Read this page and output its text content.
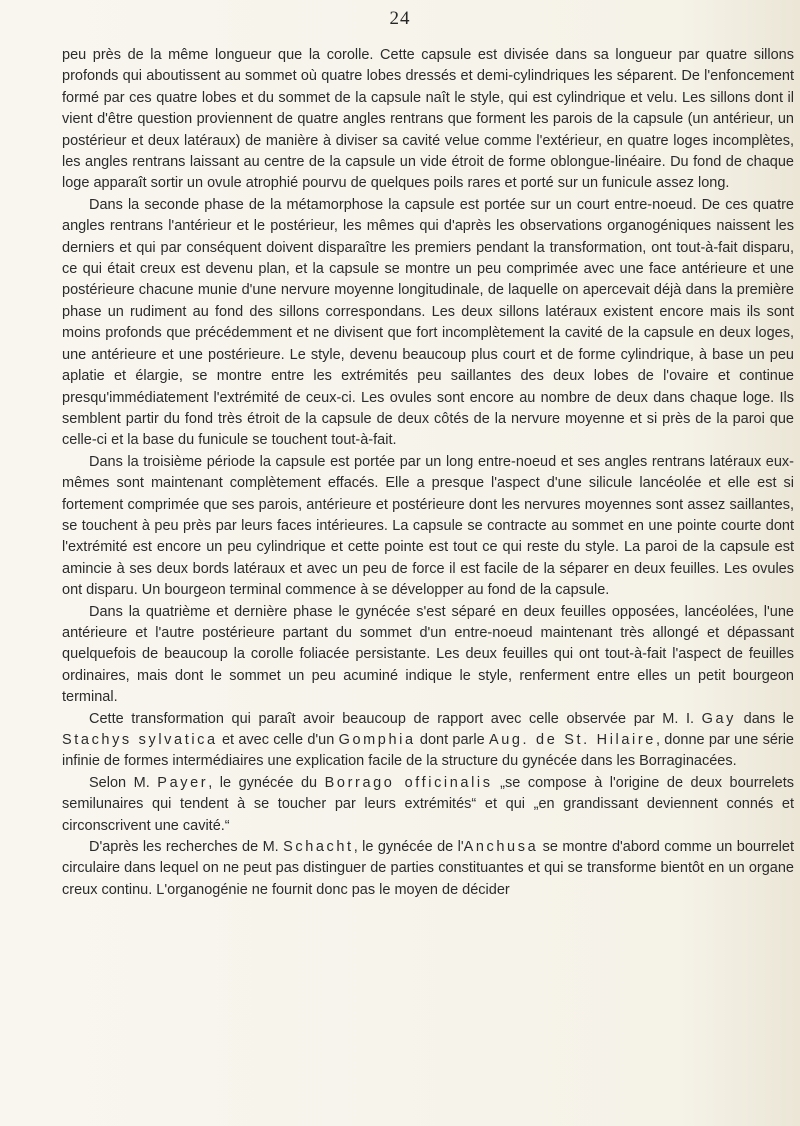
24

peu près de la même longueur que la corolle. Cette capsule est divisée dans sa longueur par quatre sillons profonds qui aboutissent au sommet où quatre lobes dressés et demi-cylindriques les séparent. De l'enfoncement formé par ces quatre lobes et du sommet de la capsule naît le style, qui est cylindrique et velu. Les sillons dont il vient d'être question proviennent de quatre angles rentrans que forment les parois de la capsule (un antérieur, un postérieur et deux latéraux) de manière à diviser sa cavité velue comme l'extérieur, en quatre loges incomplètes, les angles rentrans laissant au centre de la capsule un vide étroit de forme oblongue-linéaire. Du fond de chaque loge apparaît sortir un ovule atrophié pourvu de quelques poils rares et porté sur un funicule assez long.

Dans la seconde phase de la métamorphose la capsule est portée sur un court entre-noeud. De ces quatre angles rentrans l'antérieur et le postérieur, les mêmes qui d'après les observations organogéniques naissent les derniers et qui par conséquent doivent disparaître les premiers pendant la transformation, ont tout-à-fait disparu, ce qui était creux est devenu plan, et la capsule se montre un peu comprimée avec une face antérieure et une postérieure chacune munie d'une nervure moyenne longitudinale, de laquelle on apercevait déjà dans la première phase un rudiment au fond des sillons correspondans. Les deux sillons latéraux existent encore mais ils sont moins profonds que précédemment et ne divisent que fort incomplètement la cavité de la capsule en deux loges, une antérieure et une postérieure. Le style, devenu beaucoup plus court et de forme cylindrique, à base un peu aplatie et élargie, se montre entre les extrémités peu saillantes des deux lobes de l'ovaire et continue presqu'immédiatement l'extrémité de ceux-ci. Les ovules sont encore au nombre de deux dans chaque loge. Ils semblent partir du fond très étroit de la capsule de deux côtés de la nervure moyenne et si près de la paroi que celle-ci et la base du funicule se touchent tout-à-fait.

Dans la troisième période la capsule est portée par un long entre-noeud et ses angles rentrans latéraux eux-mêmes sont maintenant complètement effacés. Elle a presque l'aspect d'une silicule lancéolée et elle est si fortement comprimée que ses parois, antérieure et postérieure dont les nervures moyennes sont assez saillantes, se touchent à peu près par leurs faces intérieures. La capsule se contracte au sommet en une pointe courte dont l'extrémité est encore un peu cylindrique et cette pointe est tout ce qui reste du style. La paroi de la capsule est amincie à ses deux bords latéraux et avec un peu de force il est facile de la séparer en deux feuilles. Les ovules ont disparu. Un bourgeon terminal commence à se développer au fond de la capsule.

Dans la quatrième et dernière phase le gynécée s'est séparé en deux feuilles opposées, lancéolées, l'une antérieure et l'autre postérieure partant du sommet d'un entre-noeud maintenant très allongé et dépassant quelquefois de beaucoup la corolle foliacée persistante. Les deux feuilles qui ont tout-à-fait l'aspect de feuilles ordinaires, mais dont le sommet un peu acuminé indique le style, renferment entre elles un petit bourgeon terminal.

Cette transformation qui paraît avoir beaucoup de rapport avec celle observée par M. I. Gay dans le Stachys sylvatica et avec celle d'un Gomphia dont parle Aug. de St. Hilaire, donne par une série infinie de formes intermédiaires une explication facile de la structure du gynécée dans les Borraginacées.

Selon M. Payer, le gynécée du Borrago officinalis „se compose à l'origine de deux bourrelets semilunaires qui tendent à se toucher par leurs extrémités“ et qui „en grandissant deviennent connés et circonscrivent une cavité.“

D'après les recherches de M. Schacht, le gynécée de l'Anchusa se montre d'abord comme un bourrelet circulaire dans lequel on ne peut pas distinguer de parties constituantes et qui se transforme bientôt en un organe creux continu. L'organogénie ne fournit donc pas le moyen de décider
